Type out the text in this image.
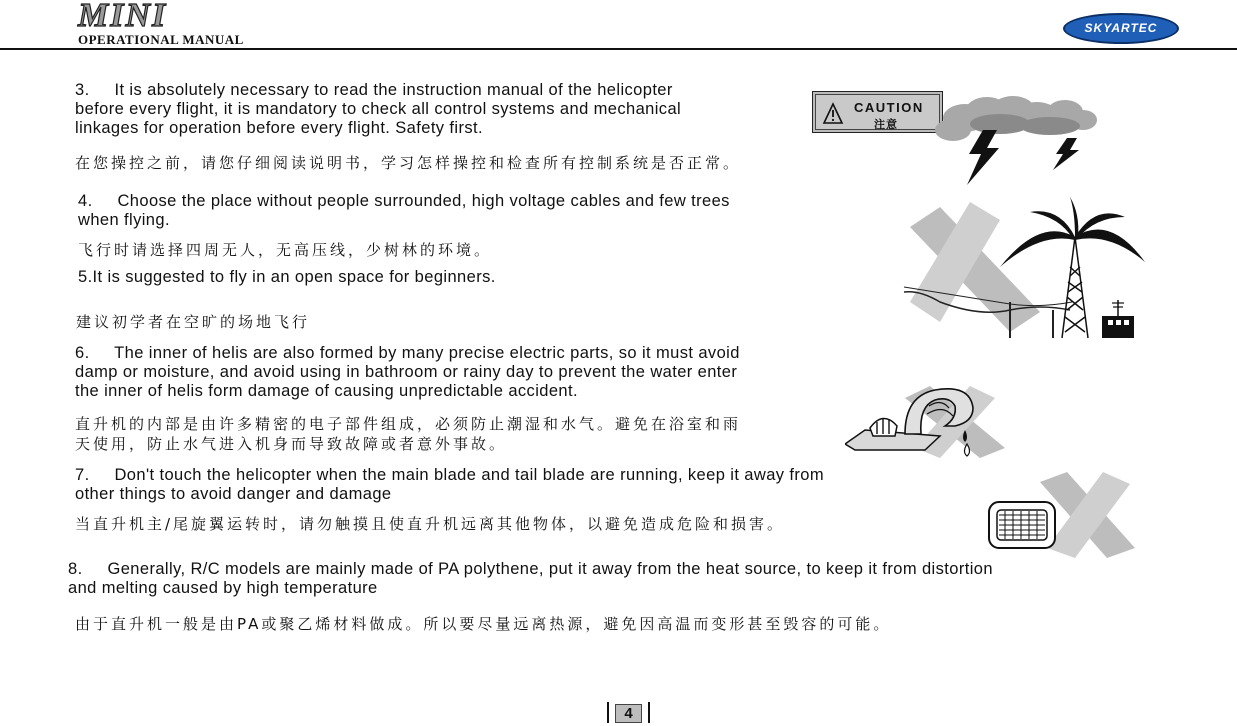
MINI
OPERATIONAL MANUAL
SKYARTEC

3.     It is absolutely necessary to read the instruction manual of the helicopter

before every flight, it is mandatory to check all control systems and mechanical

linkages for operation before every flight. Safety first.

在您操控之前，请您仔细阅读说明书，学习怎样操控和检查所有控制系统是否正常。

CAUTION
注意

4.     Choose the place without people surrounded, high voltage cables and few trees

when flying.

飞行时请选择四周无人，无高压线，少树林的环境。

5.It is suggested to fly in an open space for beginners.

建议初学者在空旷的场地飞行

6.     The inner of helis are also formed by many precise electric parts, so it must avoid

damp or moisture, and avoid using in bathroom or rainy day to prevent the water enter

the inner of helis form damage of causing unpredictable accident.

直升机的内部是由许多精密的电子部件组成，必须防止潮湿和水气。避免在浴室和雨

天使用，防止水气进入机身而导致故障或者意外事故。

7.     Don't touch the helicopter when the main blade and tail blade are running, keep it away from

other things to avoid danger and damage

当直升机主/尾旋翼运转时，请勿触摸且使直升机远离其他物体，以避免造成危险和损害。

8.     Generally, R/C models are mainly made of PA polythene, put it away from the heat source, to keep it from distortion

and melting caused by high temperature

由于直升机一般是由PA或聚乙烯材料做成。所以要尽量远离热源，避免因高温而变形甚至毁容的可能。

4
